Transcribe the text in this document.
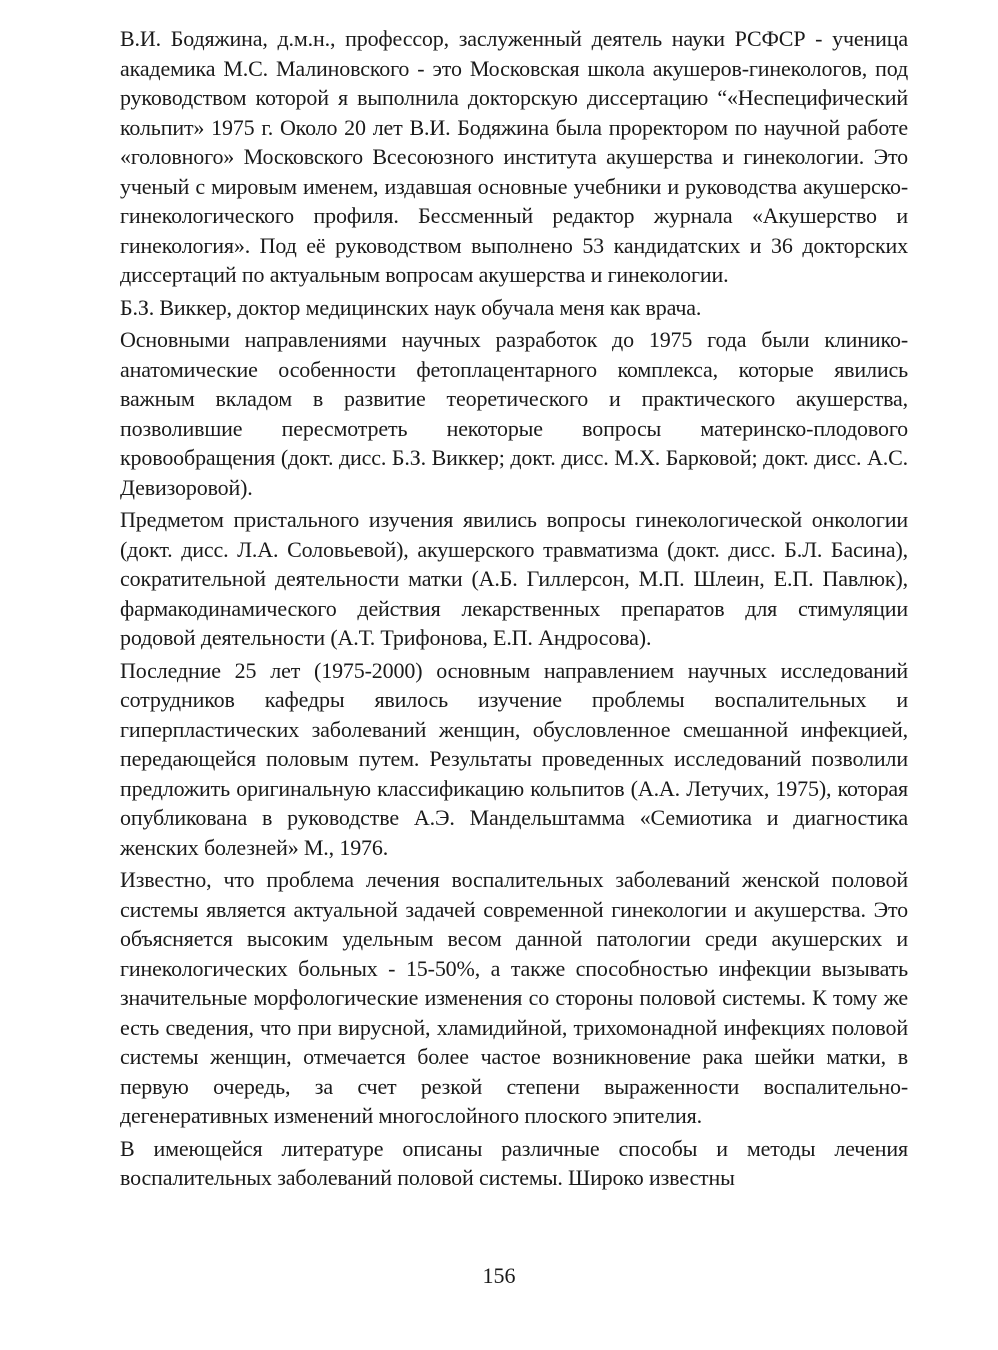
В.И. Бодяжина, д.м.н., профессор, заслуженный деятель науки РСФСР - ученица академика М.С. Малиновского - это Московская школа акушеров-гинекологов, под руководством которой я выполнила докторскую диссертацию “«Неспецифический кольпит» 1975 г. Около 20 лет В.И. Бодяжина была проректором по научной работе «головного» Московского Всесоюзного института акушерства и гинекологии. Это ученый с мировым именем, издавшая основные учебники и руководства акушерско-гинекологического профиля. Бессменный редактор журнала «Акушерство и гинекология». Под её руководством выполнено 53 кандидатских и 36 докторских диссертаций по актуальным вопросам акушерства и гинекологии.

Б.З. Виккер, доктор медицинских наук обучала меня как врача.

Основными направлениями научных разработок до 1975 года были клинико-анатомические особенности фетоплацентарного комплекса, которые явились важным вкладом в развитие теоретического и практического акушерства, позволившие пересмотреть некоторые вопросы материнско-плодового кровообращения (докт. дисс. Б.З. Виккер; докт. дисс. М.Х. Барковой; докт. дисс. А.С. Девизоровой).

Предметом пристального изучения явились вопросы гинекологической онкологии (докт. дисс. Л.А. Соловьевой), акушерского травматизма (докт. дисс. Б.Л. Басина), сократительной деятельности матки (А.Б. Гиллерсон, М.П. Шлеин, Е.П. Павлюк), фармакодинамического действия лекарственных препаратов для стимуляции родовой деятельности (А.Т. Трифонова, Е.П. Андросова).

Последние 25 лет (1975-2000) основным направлением научных исследований сотрудников кафедры явилось изучение проблемы воспалительных и гиперпластических заболеваний женщин, обусловленное смешанной инфекцией, передающейся половым путем. Результаты проведенных исследований позволили предложить оригинальную классификацию кольпитов (А.А. Летучих, 1975), которая опубликована в руководстве А.Э. Мандельштамма «Семиотика и диагностика женских болезней» М., 1976.

Известно, что проблема лечения воспалительных заболеваний женской половой системы является актуальной задачей современной гинекологии и акушерства. Это объясняется высоким удельным весом данной патологии среди акушерских и гинекологических больных - 15-50%, а также способностью инфекции вызывать значительные морфологические изменения со стороны половой системы. К тому же есть сведения, что при вирусной, хламидийной, трихомонадной инфекциях половой системы женщин, отмечается более частое возникновение рака шейки матки, в первую очередь, за счет резкой степени выраженности воспалительно-дегенеративных изменений многослойного плоского эпителия.

В имеющейся литературе описаны различные способы и методы лечения воспалительных заболеваний половой системы. Широко известны

156
